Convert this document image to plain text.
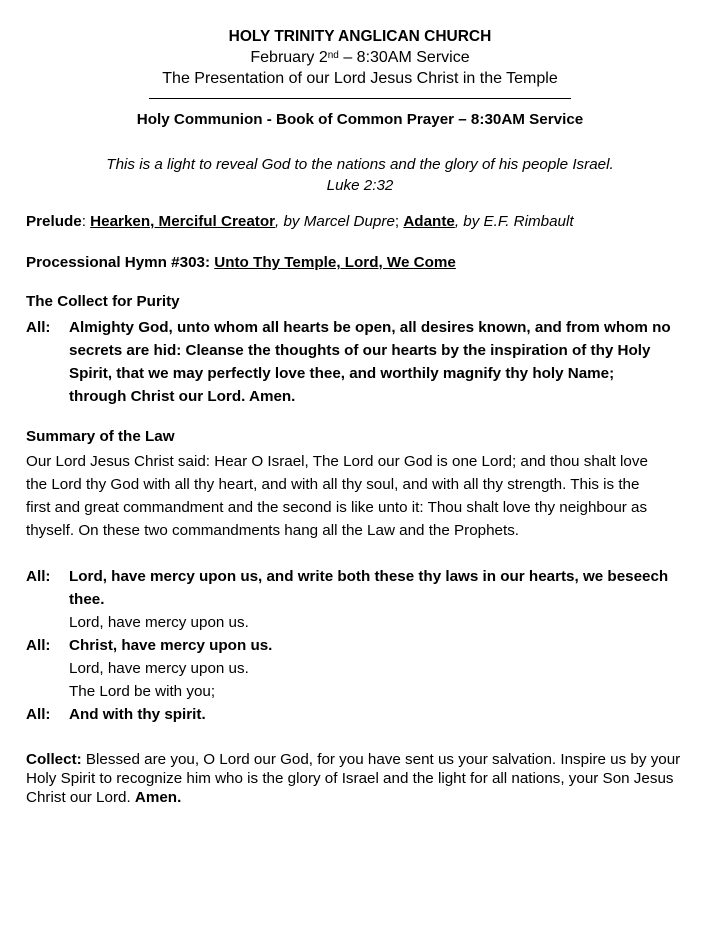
HOLY TRINITY ANGLICAN CHURCH
February 2nd – 8:30AM Service
The Presentation of our Lord Jesus Christ in the Temple
Holy Communion - Book of Common Prayer – 8:30AM Service
This is a light to reveal God to the nations and the glory of his people Israel.
Luke 2:32
Prelude: Hearken, Merciful Creator, by Marcel Dupre; Adante, by E.F. Rimbault
Processional Hymn #303: Unto Thy Temple, Lord, We Come
The Collect for Purity
All:	Almighty God, unto whom all hearts be open, all desires known, and from whom no
secrets are hid: Cleanse the thoughts of our hearts by the inspiration of thy Holy
Spirit, that we may perfectly love thee, and worthily magnify thy holy Name;
through Christ our Lord. Amen.
Summary of the Law
Our Lord Jesus Christ said: Hear O Israel, The Lord our God is one Lord; and thou shalt love
the Lord thy God with all thy heart, and with all thy soul, and with all thy strength. This is the
first and great commandment and the second is like unto it: Thou shalt love thy neighbour as
thyself. On these two commandments hang all the Law and the Prophets.
All:	Lord, have mercy upon us, and write both these thy laws in our hearts, we beseech
thee.
Lord, have mercy upon us.
All:	Christ, have mercy upon us.
Lord, have mercy upon us.
The Lord be with you;
All:	And with thy spirit.
Collect: Blessed are you, O Lord our God, for you have sent us your salvation. Inspire us by your Holy Spirit to recognize him who is the glory of Israel and the light for all nations, your Son Jesus Christ our Lord. Amen.
